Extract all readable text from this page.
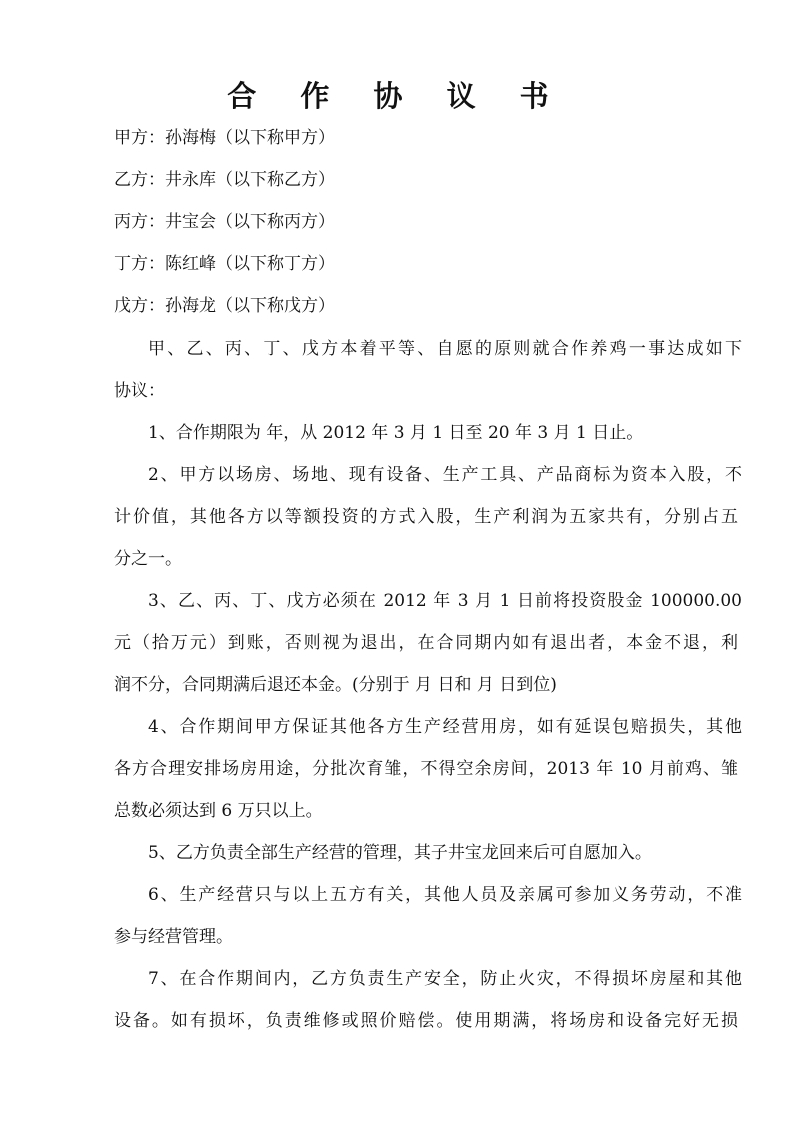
合 作 协 议 书
甲方：孙海梅（以下称甲方）
乙方：井永库（以下称乙方）
丙方：井宝会（以下称丙方）
丁方：陈红峰（以下称丁方）
戊方：孙海龙（以下称戊方）
甲、乙、丙、丁、戊方本着平等、自愿的原则就合作养鸡一事达成如下
协议：
1、合作期限为 年，从 2012 年 3 月 1 日至 20 年 3 月 1 日止。
2、甲方以场房、场地、现有设备、生产工具、产品商标为资本入股，不
计价值，其他各方以等额投资的方式入股，生产利润为五家共有，分别占五
分之一。
3、乙、丙、丁、戊方必须在 2012 年 3 月 1 日前将投资股金 100000.00
元（拾万元）到账，否则视为退出，在合同期内如有退出者，本金不退，利
润不分，合同期满后退还本金。(分别于 月 日和 月 日到位)
4、合作期间甲方保证其他各方生产经营用房，如有延误包赔损失，其他
各方合理安排场房用途，分批次育雏，不得空余房间，2013 年 10 月前鸡、雏
总数必须达到 6 万只以上。
5、乙方负责全部生产经营的管理，其子井宝龙回来后可自愿加入。
6、生产经营只与以上五方有关，其他人员及亲属可参加义务劳动，不准
参与经营管理。
7、在合作期间内，乙方负责生产安全，防止火灾，不得损坏房屋和其他
设备。如有损坏，负责维修或照价赔偿。使用期满，将场房和设备完好无损
